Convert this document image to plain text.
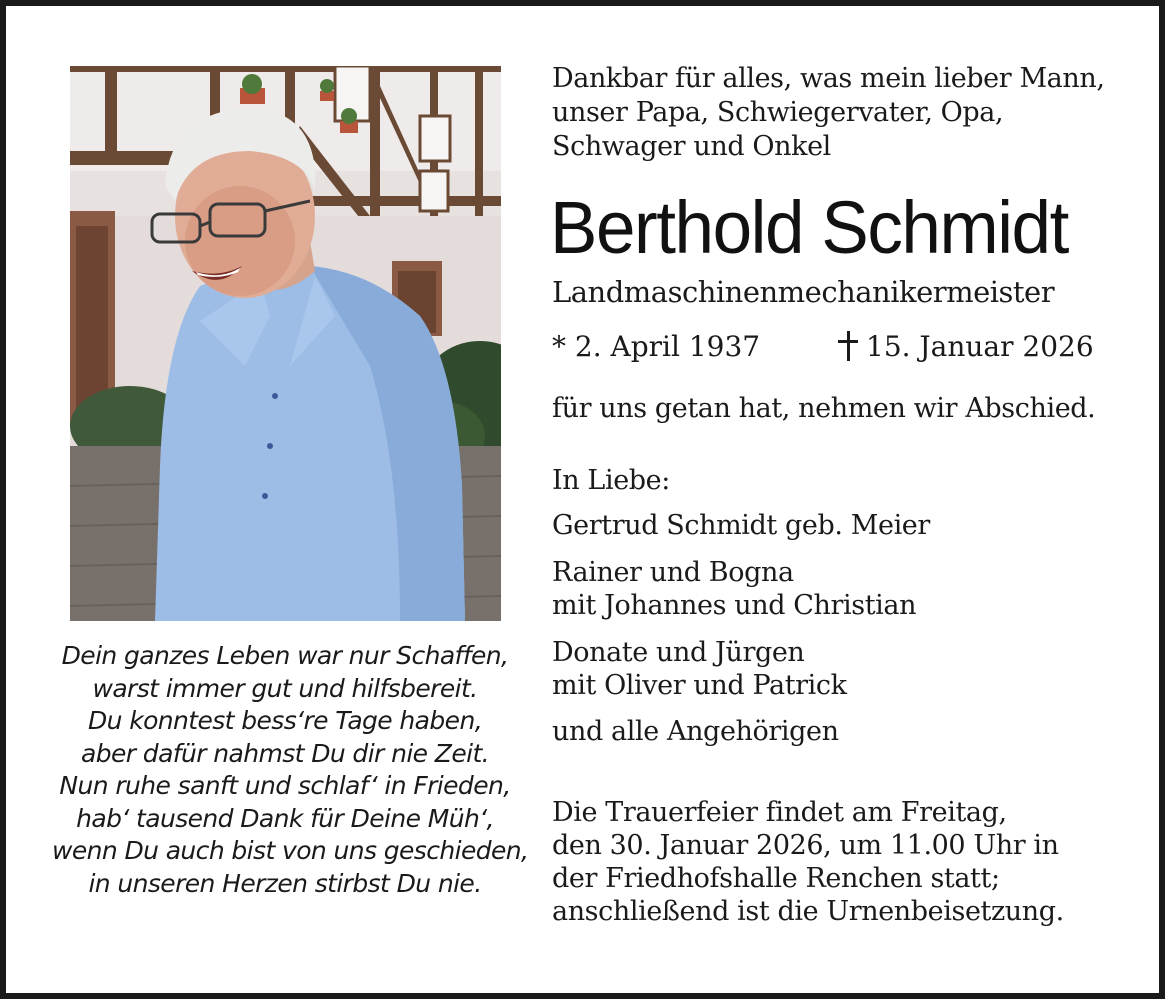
Dein ganzes Leben war nur Schaffen,
warst immer gut und hilfsbereit.
Du konntest bess‘re Tage haben,
aber dafür nahmst Du dir nie Zeit.
Nun ruhe sanft und schlaf‘ in Frieden,
hab‘ tausend Dank für Deine Müh‘,
wenn Du auch bist von uns geschieden,
in unseren Herzen stirbst Du nie.
Dankbar für alles, was mein lieber Mann,
unser Papa, Schwiegervater, Opa,
Schwager und Onkel
Berthold Schmidt
Landmaschinenmechanikermeister
* 2. April 1937	15. Januar 2026
für uns getan hat, nehmen wir Abschied.
In Liebe:
Gertrud Schmidt geb. Meier
Rainer und Bogna
mit Johannes und Christian
Donate und Jürgen
mit Oliver und Patrick
und alle Angehörigen
Die Trauerfeier findet am Freitag,
den 30. Januar 2026, um 11.00 Uhr in
der Friedhofshalle Renchen statt;
anschließend ist die Urnenbeisetzung.
